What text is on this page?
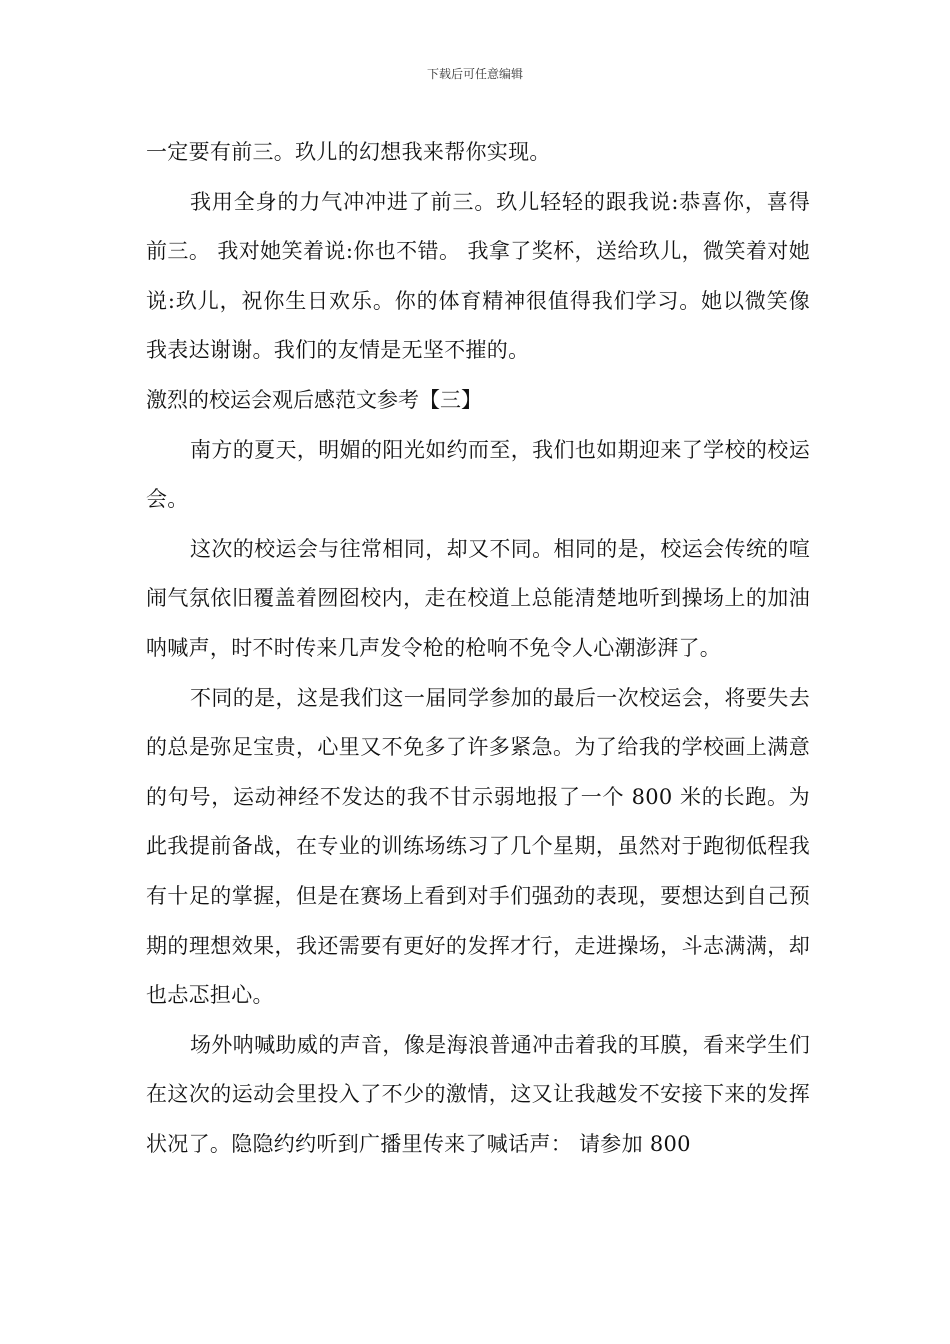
下载后可任意编辑

一定要有前三。玖儿的幻想我来帮你实现。

我用全身的力气冲冲进了前三。玖儿轻轻的跟我说:恭喜你，喜得前三。 我对她笑着说:你也不错。 我拿了奖杯，送给玖儿，微笑着对她说:玖儿，祝你生日欢乐。你的体育精神很值得我们学习。她以微笑像我表达谢谢。我们的友情是无坚不摧的。

激烈的校运会观后感范文参考【三】

南方的夏天，明媚的阳光如约而至，我们也如期迎来了学校的校运会。

这次的校运会与往常相同，却又不同。相同的是，校运会传统的喧闹气氛依旧覆盖着囫囵校内，走在校道上总能清楚地听到操场上的加油呐喊声，时不时传来几声发令枪的枪响不免令人心潮澎湃了。

不同的是，这是我们这一届同学参加的最后一次校运会，将要失去的总是弥足宝贵，心里又不免多了许多紧急。为了给我的学校画上满意的句号，运动神经不发达的我不甘示弱地报了一个 800 米的长跑。为此我提前备战，在专业的训练场练习了几个星期，虽然对于跑彻低程我有十足的掌握，但是在赛场上看到对手们强劲的表现，要想达到自己预期的理想效果，我还需要有更好的发挥才行，走进操场，斗志满满，却也忐忑担心。

场外呐喊助威的声音，像是海浪普通冲击着我的耳膜，看来学生们在这次的运动会里投入了不少的激情，这又让我越发不安接下来的发挥状况了。隐隐约约听到广播里传来了喊话声： 请参加 800
